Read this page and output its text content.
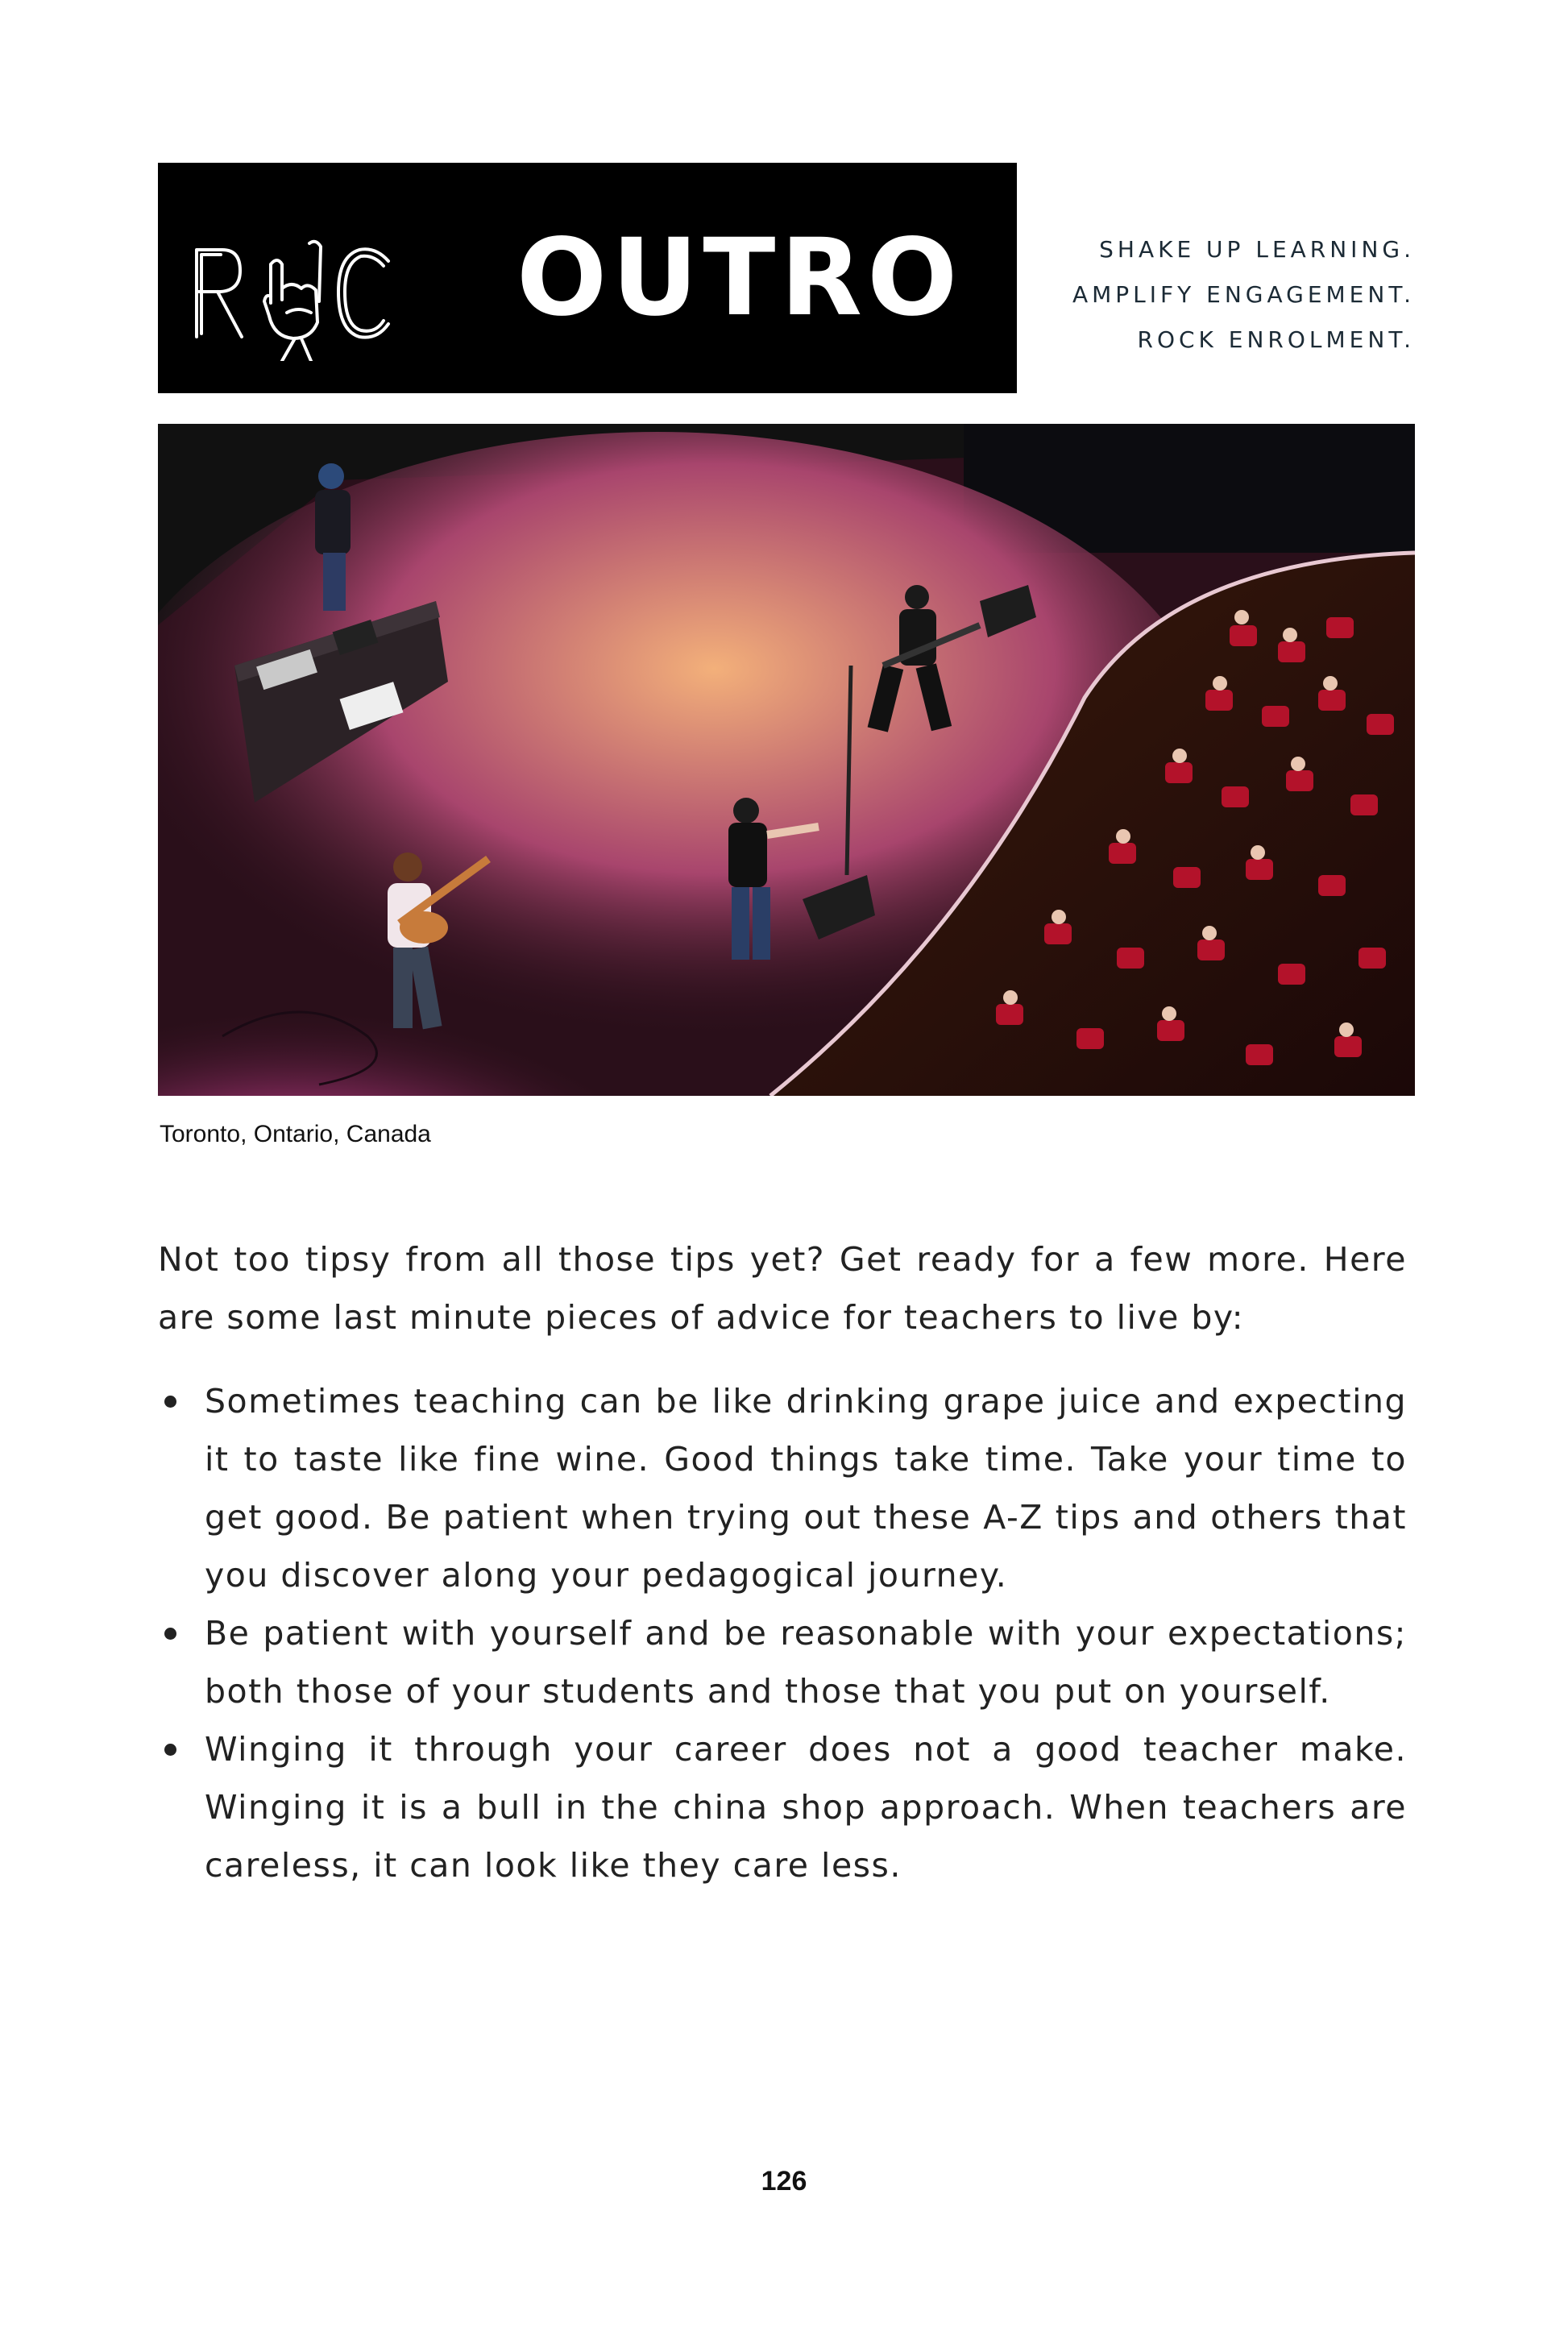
OUTRO	SHAKE UP LEARNING.
AMPLIFY ENGAGEMENT.
ROCK ENROLMENT.
Toronto, Ontario, Canada

Not too tipsy from all those tips yet? Get ready for a few more. Here are some last minute pieces of advice for teachers to live by:

Sometimes teaching can be like drinking grape juice and expecting it to taste like fine wine. Good things take time. Take your time to get good. Be patient when trying out these A-Z tips and others that you discover along your pedagogical journey.
Be patient with yourself and be reasonable with your expectations; both those of your students and those that you put on yourself.
Winging it through your career does not a good teacher make. Winging it is a bull in the china shop approach. When teachers are careless, it can look like they care less.
126
